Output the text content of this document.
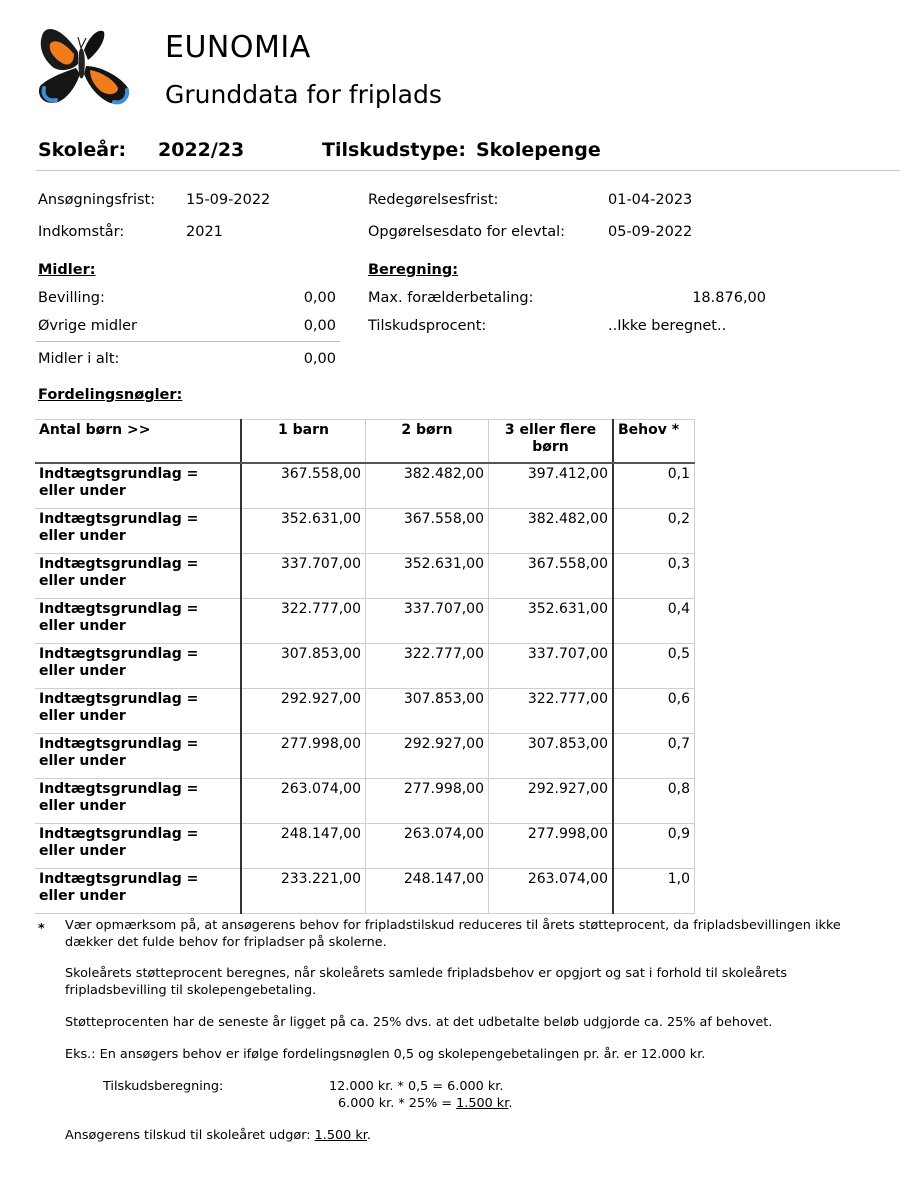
EUNOMIA
Grunddata for friplads
Skoleår: 2022/23	Tilskudstype: Skolepenge
Ansøgningsfrist: 15-09-2022
Indkomstår:	2021
Redegørelsesfrist:	01-04-2023
Opgørelsesdato for elevtal:	05-09-2022
Midler:
Bevilling:	0,00
Øvrige midler	0,00
Midler i alt:	0,00
Beregning:
Max. forælderbetaling:	18.876,00
Tilskudsprocent:	..Ikke beregnet..
Fordelingsnøgler:
Antal børn >>	1 barn	2 børn	3 eller flere børn	Behov *
Indtægtsgrundlag = eller under	367.558,00	382.482,00	397.412,00	0,1
Indtægtsgrundlag = eller under	352.631,00	367.558,00	382.482,00	0,2
Indtægtsgrundlag = eller under	337.707,00	352.631,00	367.558,00	0,3
Indtægtsgrundlag = eller under	322.777,00	337.707,00	352.631,00	0,4
Indtægtsgrundlag = eller under	307.853,00	322.777,00	337.707,00	0,5
Indtægtsgrundlag = eller under	292.927,00	307.853,00	322.777,00	0,6
Indtægtsgrundlag = eller under	277.998,00	292.927,00	307.853,00	0,7
Indtægtsgrundlag = eller under	263.074,00	277.998,00	292.927,00	0,8
Indtægtsgrundlag = eller under	248.147,00	263.074,00	277.998,00	0,9
Indtægtsgrundlag = eller under	233.221,00	248.147,00	263.074,00	1,0
* Vær opmærksom på, at ansøgerens behov for fripladstilskud reduceres til årets støtteprocent, da fripladsbevillingen ikke dækker det fulde behov for fripladser på skolerne.
Skoleårets støtteprocent beregnes, når skoleårets samlede fripladsbehov er opgjort og sat i forhold til skoleårets fripladsbevilling til skolepengebetaling.
Støtteprocenten har de seneste år ligget på ca. 25% dvs. at det udbetalte beløb udgjorde ca. 25% af behovet.
Eks.: En ansøgers behov er ifølge fordelingsnøglen 0,5 og skolepengebetalingen pr. år. er 12.000 kr.
Tilskudsberegning:	12.000 kr. * 0,5 = 6.000 kr.
6.000 kr. * 25% = 1.500 kr.
Ansøgerens tilskud til skoleåret udgør: 1.500 kr.
